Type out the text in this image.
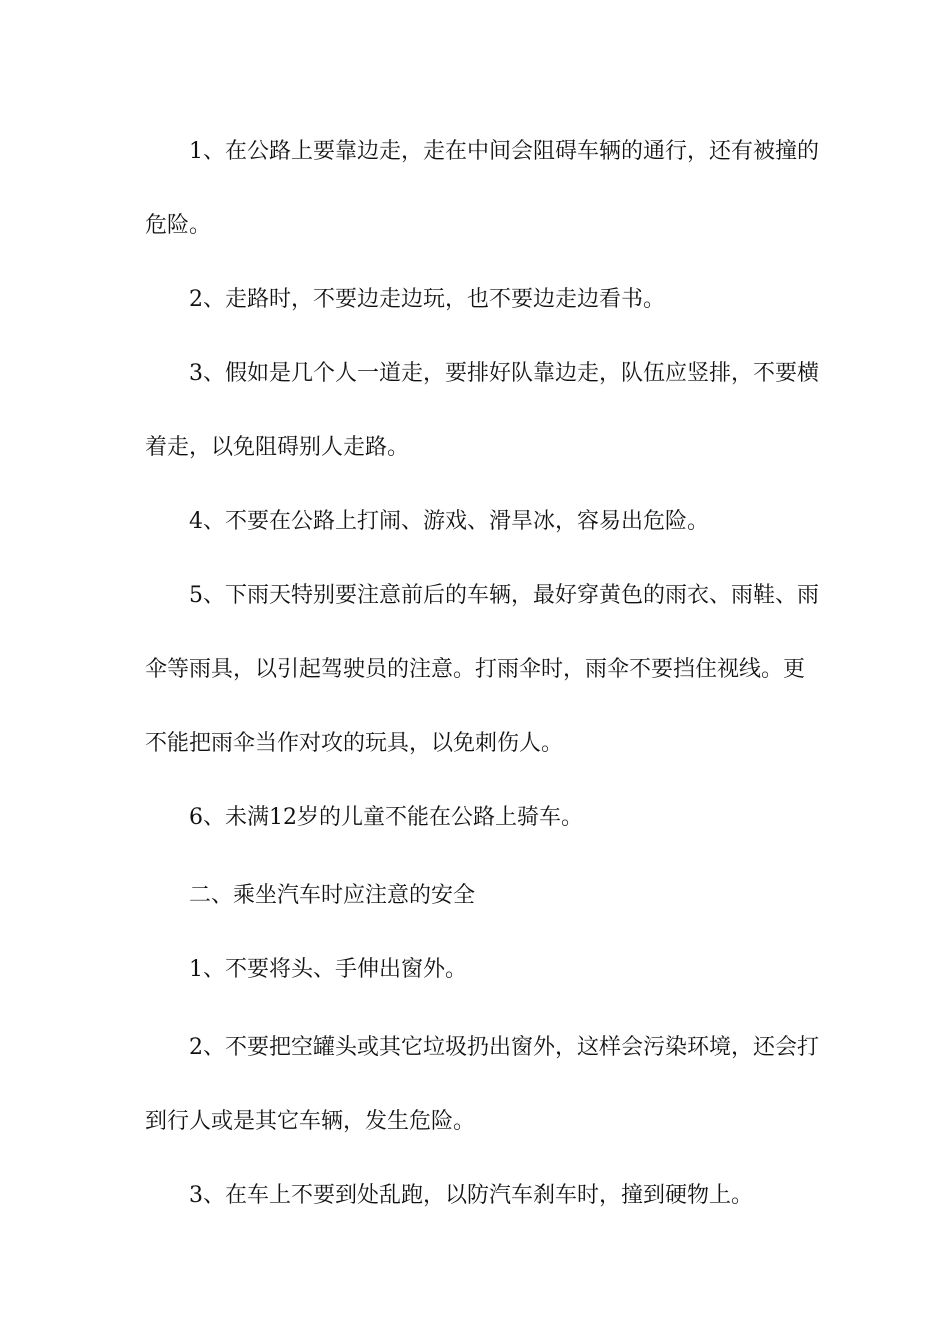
1、在公路上要靠边走，走在中间会阻碍车辆的通行，还有被撞的危险。

2、走路时，不要边走边玩，也不要边走边看书。

3、假如是几个人一道走，要排好队靠边走，队伍应竖排，不要横着走，以免阻碍别人走路。

4、不要在公路上打闹、游戏、滑旱冰，容易出危险。

5、下雨天特别要注意前后的车辆，最好穿黄色的雨衣、雨鞋、雨伞等雨具，以引起驾驶员的注意。打雨伞时，雨伞不要挡住视线。更不能把雨伞当作对攻的玩具，以免刺伤人。

6、未满12岁的儿童不能在公路上骑车。

二、乘坐汽车时应注意的安全

1、不要将头、手伸出窗外。

2、不要把空罐头或其它垃圾扔出窗外，这样会污染环境，还会打到行人或是其它车辆，发生危险。

3、在车上不要到处乱跑，以防汽车刹车时，撞到硬物上。
